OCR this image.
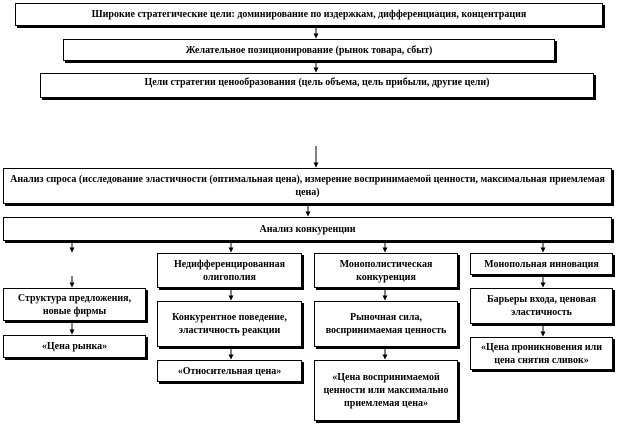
Широкие стратегические цели: доминирование по издержкам, дифференциация, концентрация
Желательное позиционирование (рынок товара, сбыт)
Цели стратегии ценообразования (цель объема, цель прибыли, другие цели)
Анализ спроса (исследование эластичности (оптимальная цена), измерение воспринимаемой ценности, максимальная приемлемая цена)
Анализ конкуренции
Структура предложения, новые фирмы
«Цена рынка»
Недифференцированная олигополия
Конкурентное поведение, эластичность реакции
«Относительная цена»
Монополистическая конкуренция
Рыночная сила, воспринимаемая ценность
«Цена воспринимаемой ценности или максимально приемлемая цена»
Монопольная инновация
Барьеры входа, ценовая эластичность
«Цена проникновения или цена снятия сливок»
